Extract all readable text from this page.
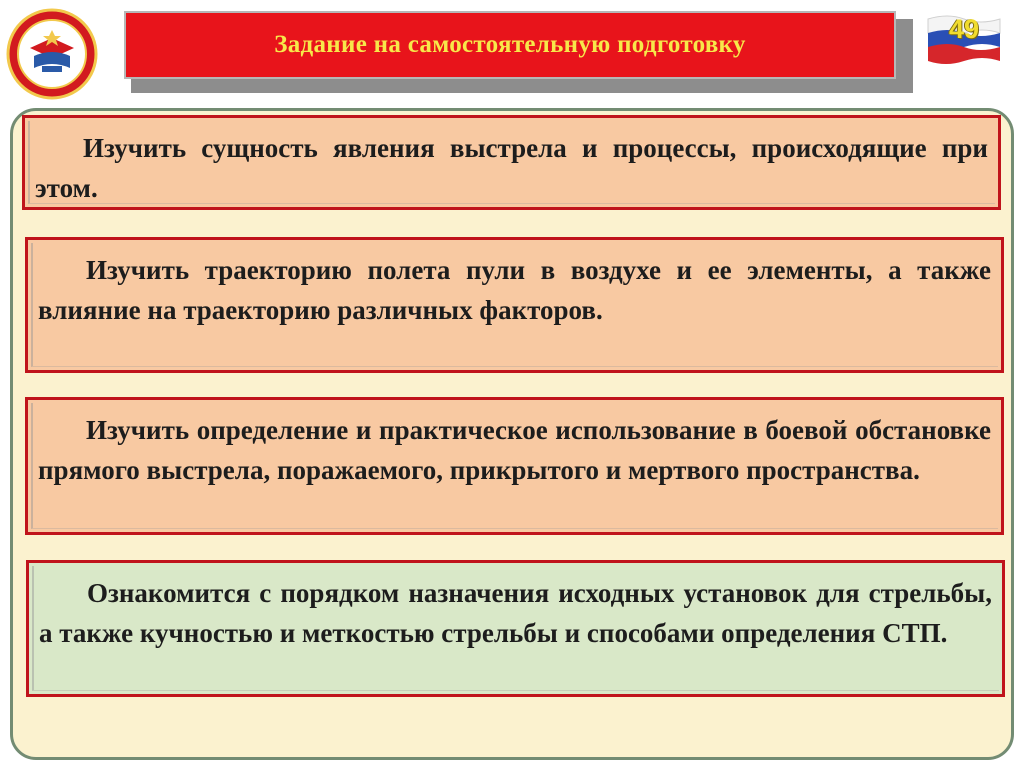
Задание на самостоятельную подготовку
49
Изучить сущность явления выстрела и процессы, происходящие при этом.
Изучить траекторию полета пули в воздухе и ее элементы, а также влияние на траекторию различных факторов.
Изучить определение и практическое использование в боевой обстановке прямого выстрела, поражаемого, прикрытого и мертвого пространства.
Ознакомится с порядком назначения исходных установок для стрельбы, а также кучностью и меткостью стрельбы и способами определения СТП.
